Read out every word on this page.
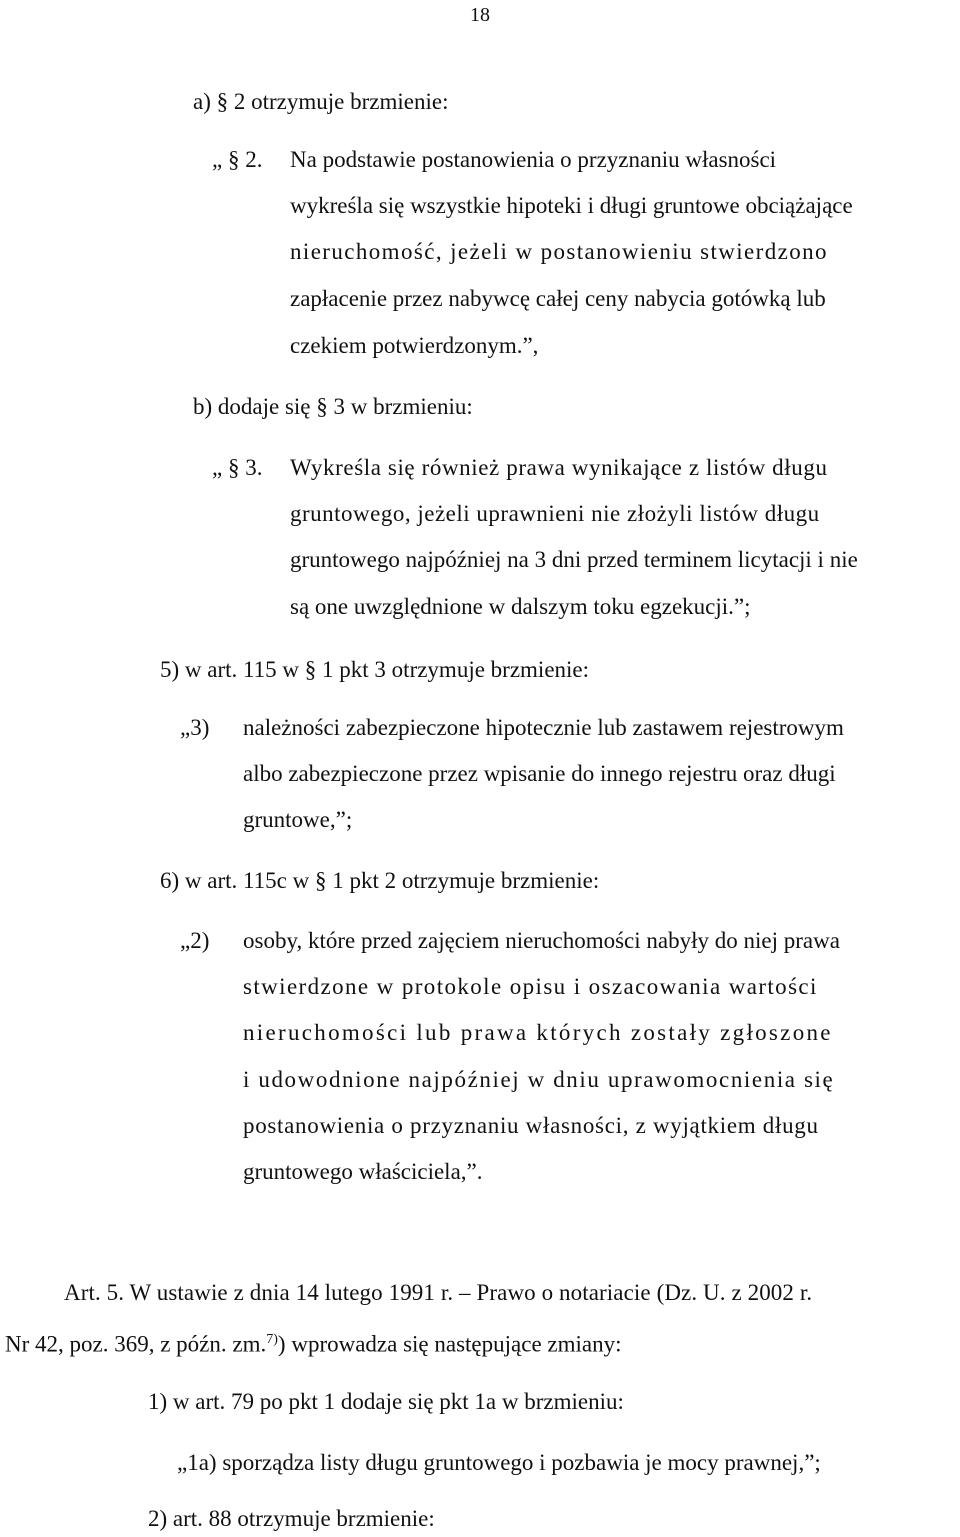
18
a) § 2 otrzymuje brzmienie:
„ § 2. Na podstawie postanowienia o przyznaniu własności
wykreśla się wszystkie hipoteki i długi gruntowe obciążające
nieruchomość, jeżeli w postanowieniu stwierdzono
zapłacenie przez nabywcę całej ceny nabycia gotówką lub
czekiem potwierdzonym.”,
b) dodaje się § 3 w brzmieniu:
„ § 3. Wykreśla się również prawa wynikające z listów długu
gruntowego, jeżeli uprawnieni nie złożyli listów długu
gruntowego najpóźniej na 3 dni przed terminem licytacji i nie
są one uwzględnione w dalszym toku egzekucji.”;
5) w art. 115 w § 1 pkt 3 otrzymuje brzmienie:
„3) należności zabezpieczone hipotecznie lub zastawem rejestrowym
albo zabezpieczone przez wpisanie do innego rejestru oraz długi
gruntowe,”;
6) w art. 115c w § 1 pkt 2 otrzymuje brzmienie:
„2) osoby, które przed zajęciem nieruchomości nabyły do niej prawa
stwierdzone w protokole opisu i oszacowania wartości
nieruchomości lub prawa których zostały zgłoszone
i udowodnione najpóźniej w dniu uprawomocnienia się
postanowienia o przyznaniu własności, z wyjątkiem długu
gruntowego właściciela,”.
Art. 5. W ustawie z dnia 14 lutego 1991 r. – Prawo o notariacie (Dz. U. z 2002 r.
Nr 42, poz. 369, z późn. zm.$^{7)}$) wprowadza się następujące zmiany:
1) w art. 79 po pkt 1 dodaje się pkt 1a w brzmieniu:
„1a) sporządza listy długu gruntowego i pozbawia je mocy prawnej,”;
2) art. 88 otrzymuje brzmienie:
